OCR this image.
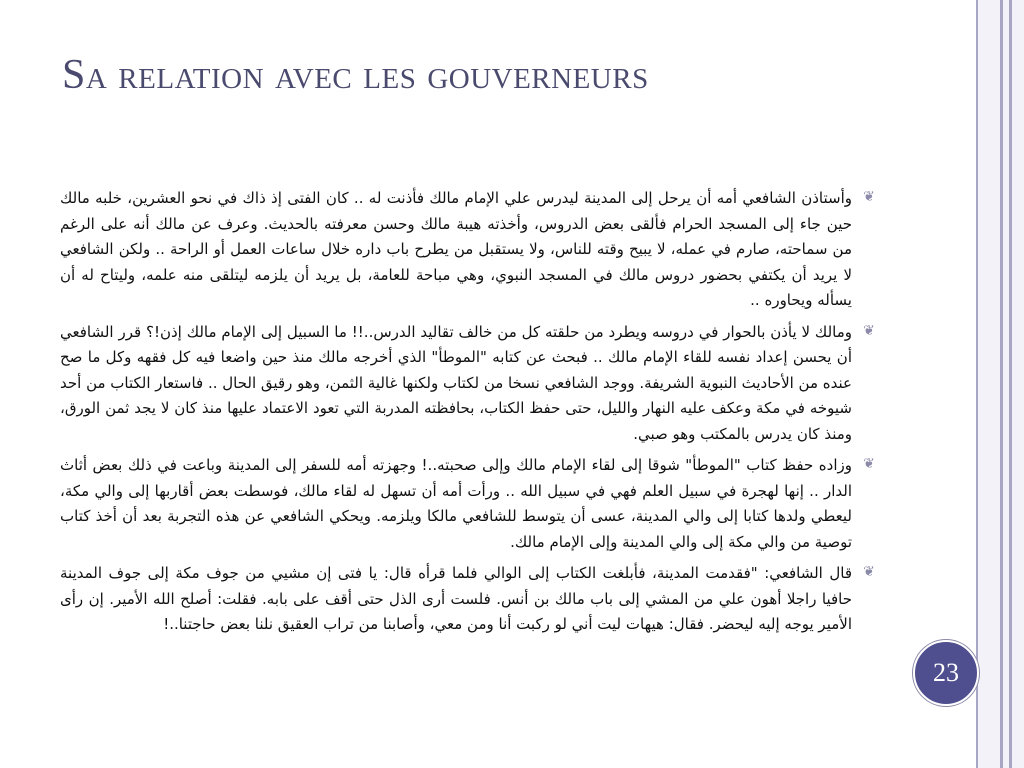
Sa relation avec les gouverneurs
❦
وأستاذن الشافعي أمه أن يرحل إلى المدينة ليدرس علي الإمام مالك فأذنت له .. كان الفتى إذ ذاك في نحو العشرين، خلبه مالك حين جاء إلى المسجد الحرام فألقى بعض الدروس، وأخذته هيبة مالك وحسن معرفته بالحديث. وعرف عن مالك أنه على الرغم من سماحته، صارم في عمله، لا يبيح وقته للناس، ولا يستقبل من يطرح باب داره خلال ساعات العمل أو الراحة .. ولكن الشافعي لا يريد أن يكتفي بحضور دروس مالك في المسجد النبوي، وهي مباحة للعامة، بل يريد أن يلزمه ليتلقى منه علمه، وليتاح له أن يسأله ويحاوره ..
❦
ومالك لا يأذن بالحوار في دروسه ويطرد من حلقته كل من خالف تقاليد الدرس..!! ما السبيل إلى الإمام مالك إذن!؟ قرر الشافعي أن يحسن إعداد نفسه للقاء الإمام مالك .. فبحث عن كتابه "الموطأ" الذي أخرجه مالك منذ حين واضعا فيه كل فقهه وكل ما صح عنده من الأحاديث النبوية الشريفة. ووجد الشافعي نسخا من لكتاب ولكنها غالية الثمن، وهو رقيق الحال .. فاستعار الكتاب من أحد شيوخه في مكة وعكف عليه النهار والليل، حتى حفظ الكتاب، بحافظته المدربة التي تعود الاعتماد عليها منذ كان لا يجد ثمن الورق، ومنذ كان يدرس بالمكتب وهو صبي.
❦
وزاده حفظ كتاب "الموطأ" شوقا إلى لقاء الإمام مالك وإلى صحبته..! وجهزته أمه للسفر إلى المدينة وباعت في ذلك بعض أثاث الدار .. إنها لهجرة في سبيل العلم فهي في سبيل الله .. ورأت أمه أن تسهل له لقاء مالك، فوسطت بعض أقاربها إلى والي مكة، ليعطي ولدها كتابا إلى والي المدينة، عسى أن يتوسط للشافعي مالكا ويلزمه. ويحكي الشافعي عن هذه التجربة بعد أن أخذ كتاب توصية من والي مكة إلى والي المدينة وإلى الإمام مالك.
❦
قال الشافعي: "فقدمت المدينة، فأبلغت الكتاب إلى الوالي فلما قرأه قال: يا فتى إن مشيي من جوف مكة إلى جوف المدينة حافيا راجلا أهون علي من المشي إلى باب مالك بن أنس. فلست أرى الذل حتى أقف على بابه. فقلت: أصلح الله الأمير. إن رأى الأمير يوجه إليه ليحضر. فقال: هيهات ليت أني لو ركبت أنا ومن معي، وأصابنا من تراب العقيق نلنا بعض حاجتنا..!
23
